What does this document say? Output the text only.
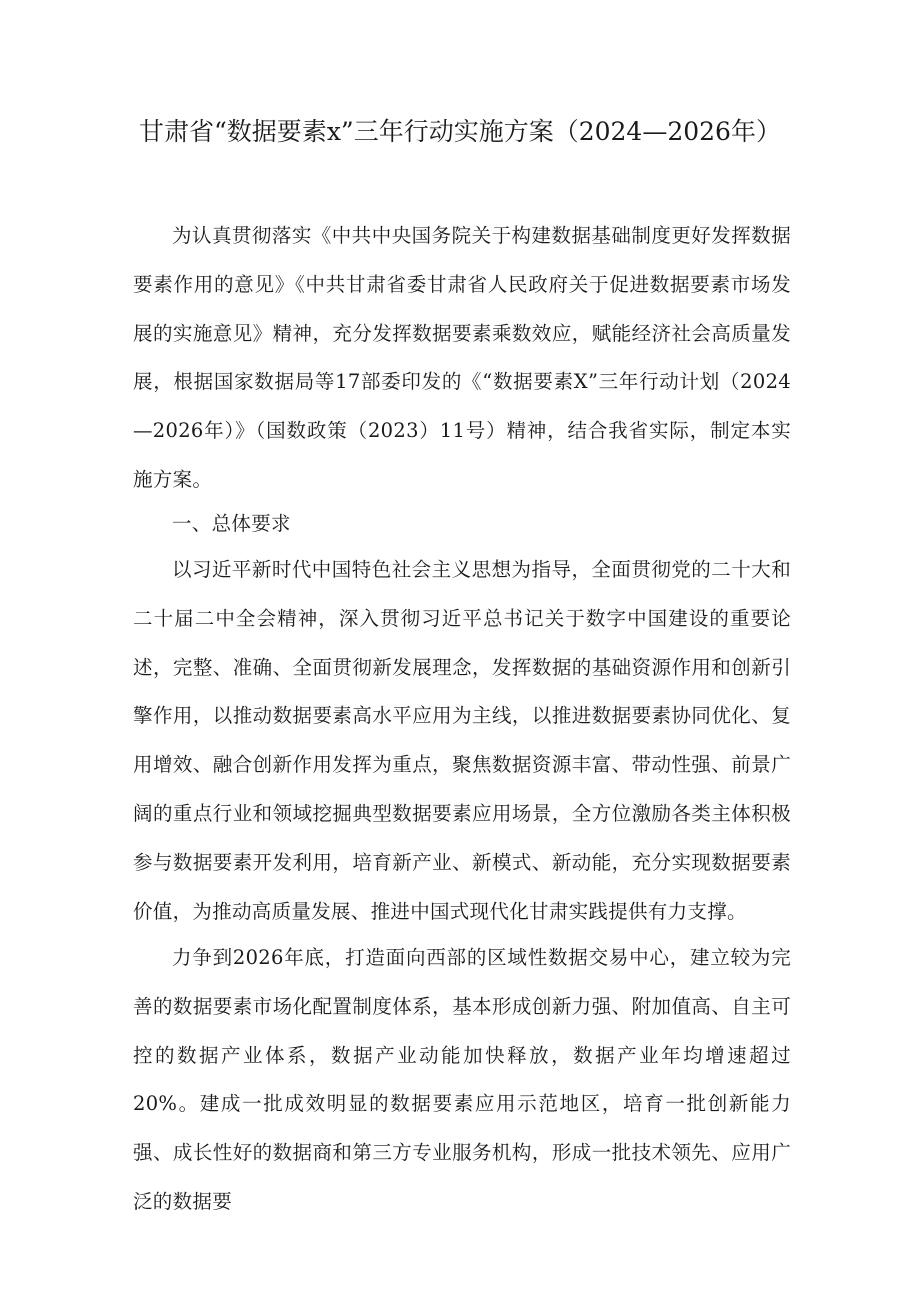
甘肃省“数据要素x”三年行动实施方案（2024—2026年）

为认真贯彻落实《中共中央国务院关于构建数据基础制度更好发挥数据要素作用的意见》《中共甘肃省委甘肃省人民政府关于促进数据要素市场发展的实施意见》精神，充分发挥数据要素乘数效应，赋能经济社会高质量发展，根据国家数据局等17部委印发的《“数据要素X”三年行动计划（2024—2026年）》（国数政策（2023）11号）精神，结合我省实际，制定本实施方案。

一、总体要求

以习近平新时代中国特色社会主义思想为指导，全面贯彻党的二十大和二十届二中全会精神，深入贯彻习近平总书记关于数字中国建设的重要论述，完整、准确、全面贯彻新发展理念，发挥数据的基础资源作用和创新引擎作用，以推动数据要素高水平应用为主线，以推进数据要素协同优化、复用增效、融合创新作用发挥为重点，聚焦数据资源丰富、带动性强、前景广阔的重点行业和领域挖掘典型数据要素应用场景，全方位激励各类主体积极参与数据要素开发利用，培育新产业、新模式、新动能，充分实现数据要素价值，为推动高质量发展、推进中国式现代化甘肃实践提供有力支撑。

力争到2026年底，打造面向西部的区域性数据交易中心，建立较为完善的数据要素市场化配置制度体系，基本形成创新力强、附加值高、自主可控的数据产业体系，数据产业动能加快释放，数据产业年均增速超过20%。建成一批成效明显的数据要素应用示范地区，培育一批创新能力强、成长性好的数据商和第三方专业服务机构，形成一批技术领先、应用广泛的数据要
